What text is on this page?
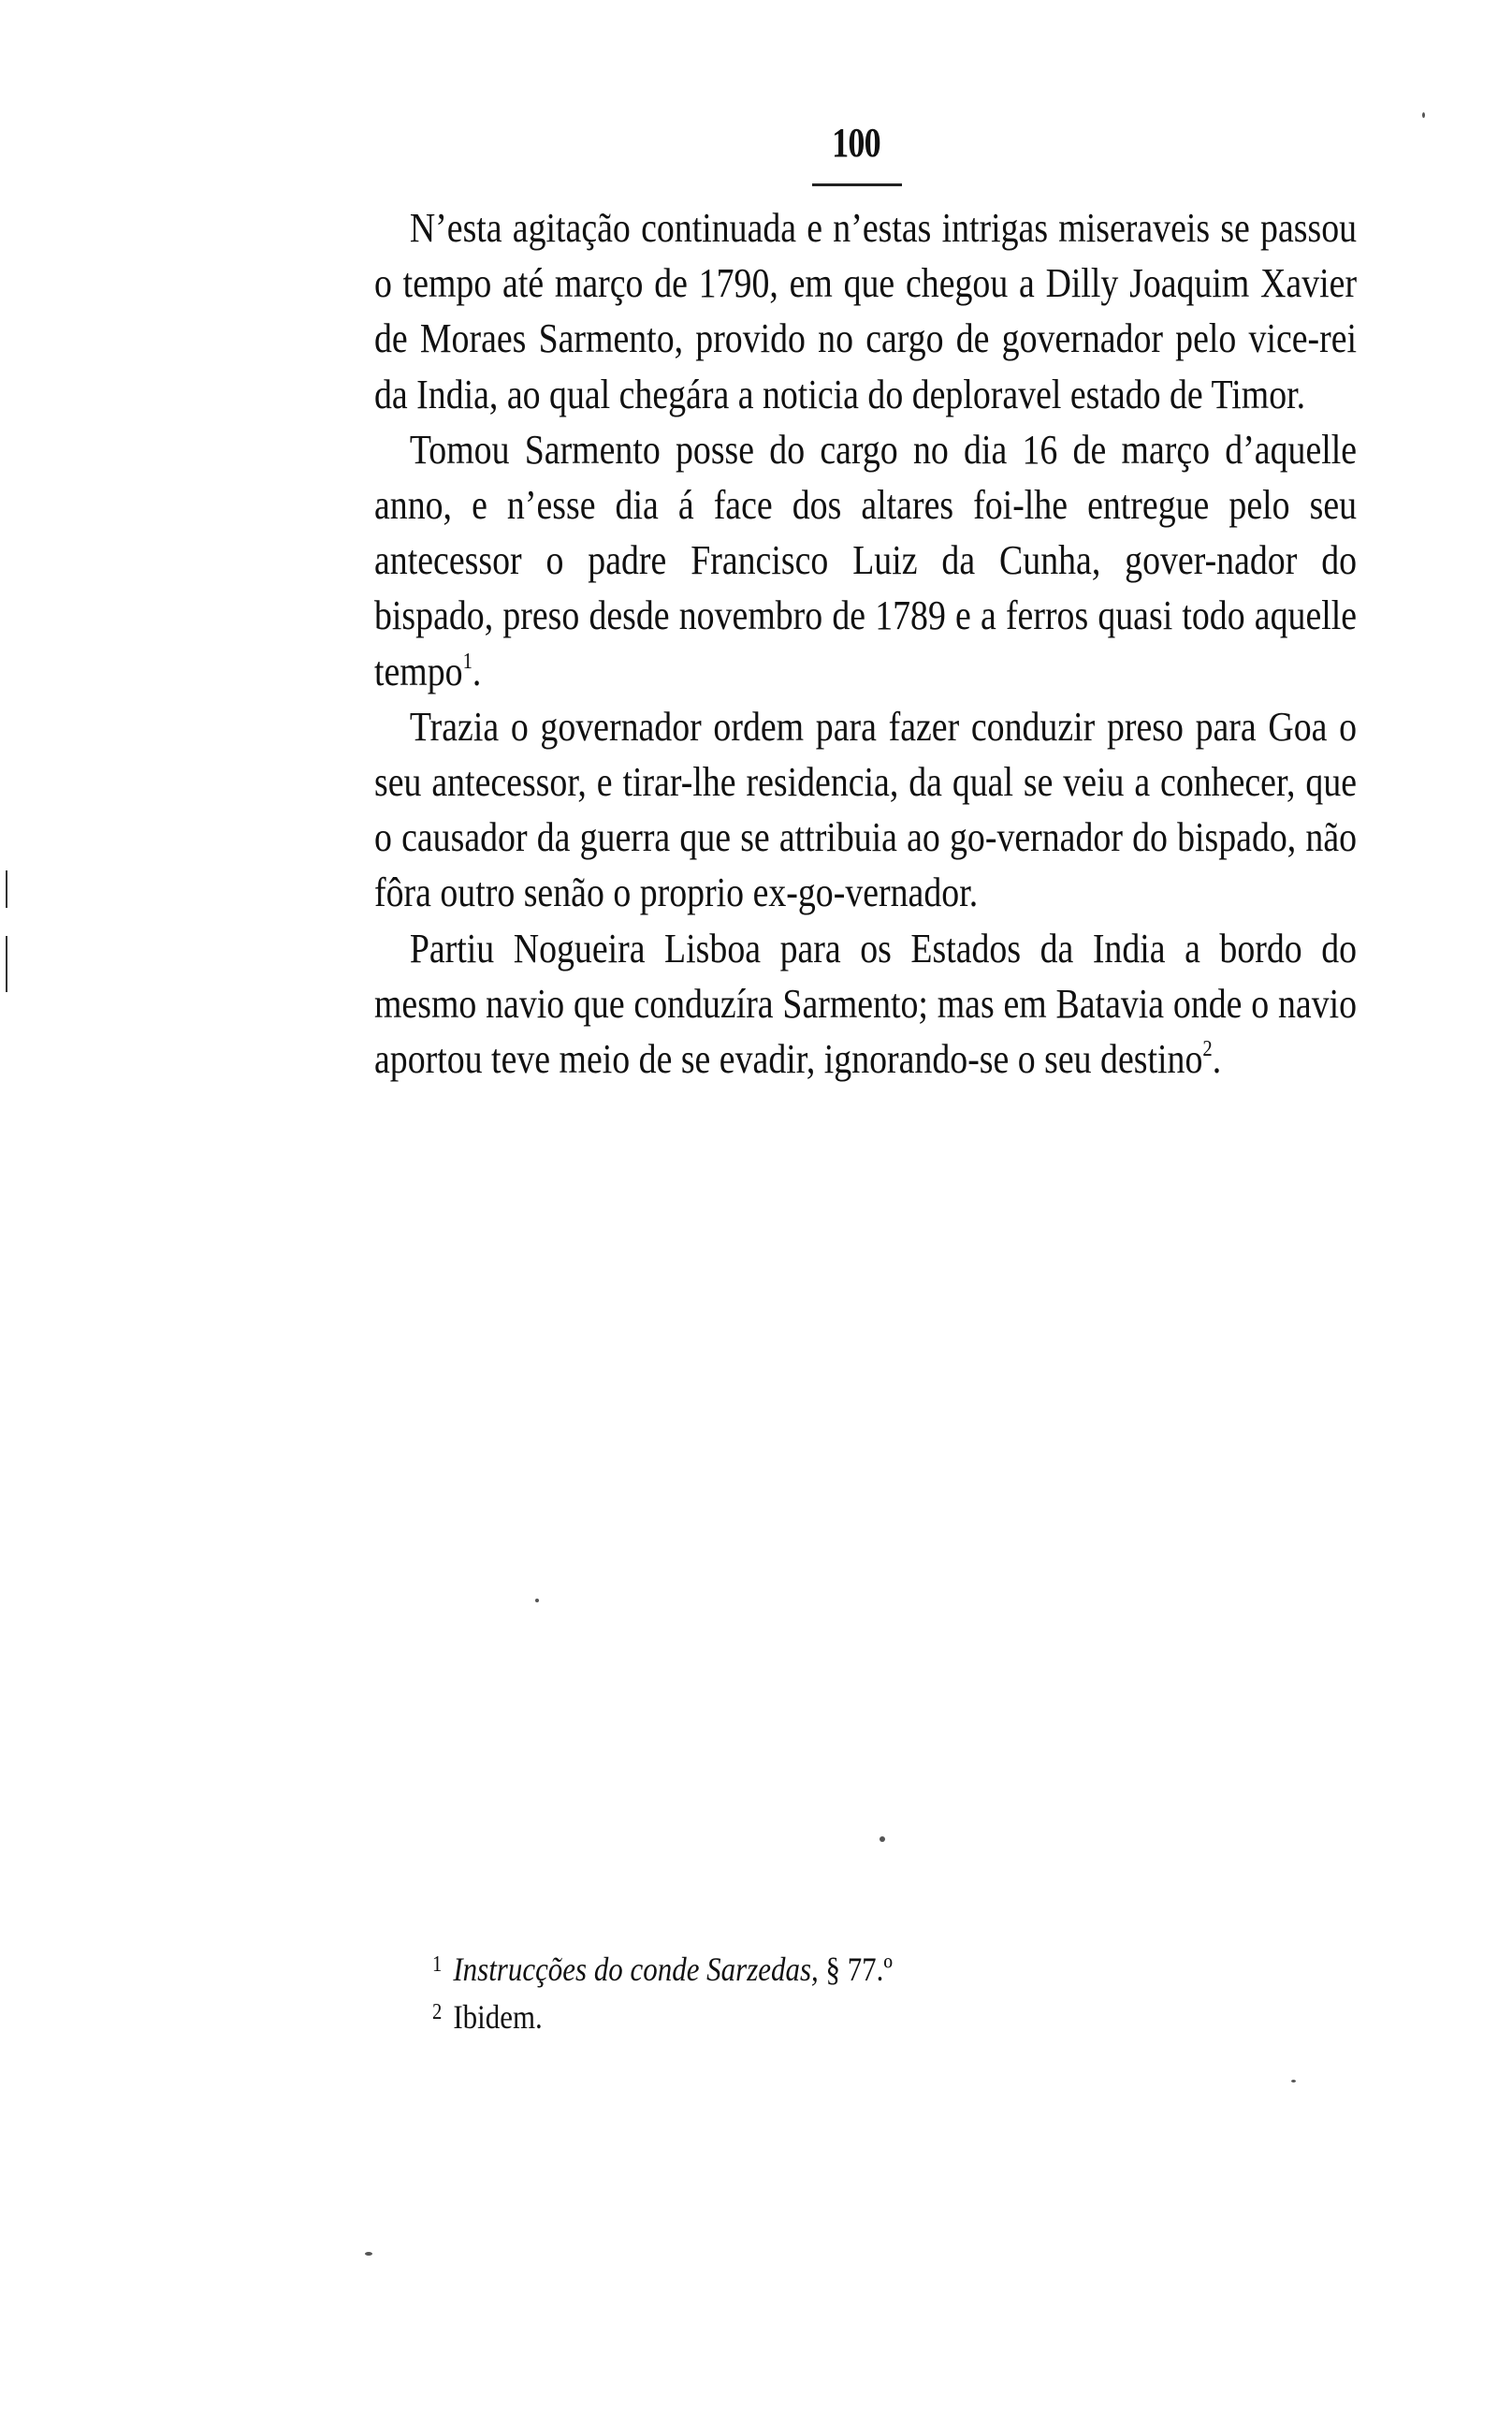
100

N’esta agitação continuada e n’estas intrigas miseraveis se passou o tempo até março de 1790, em que chegou a Dilly Joaquim Xavier de Moraes Sarmento, provido no cargo de governador pelo vice-rei da India, ao qual chegára a noticia do deploravel estado de Timor.

Tomou Sarmento posse do cargo no dia 16 de março d’aquelle anno, e n’esse dia á face dos altares foi-lhe entregue pelo seu antecessor o padre Francisco Luiz da Cunha, gover-nador do bispado, preso desde novembro de 1789 e a ferros quasi todo aquelle tempo$^1$.

Trazia o governador ordem para fazer conduzir preso para Goa o seu antecessor, e tirar-lhe residencia, da qual se veiu a conhecer, que o causador da guerra que se attribuia ao go-vernador do bispado, não fôra outro senão o proprio ex-go-vernador.

Partiu Nogueira Lisboa para os Estados da India a bordo do mesmo navio que conduzíra Sarmento; mas em Batavia onde o navio aportou teve meio de se evadir, ignorando-se o seu destino$^2$.

$^1$ Instrucções do conde Sarzedas, § 77.º
$^2$ Ibidem.
